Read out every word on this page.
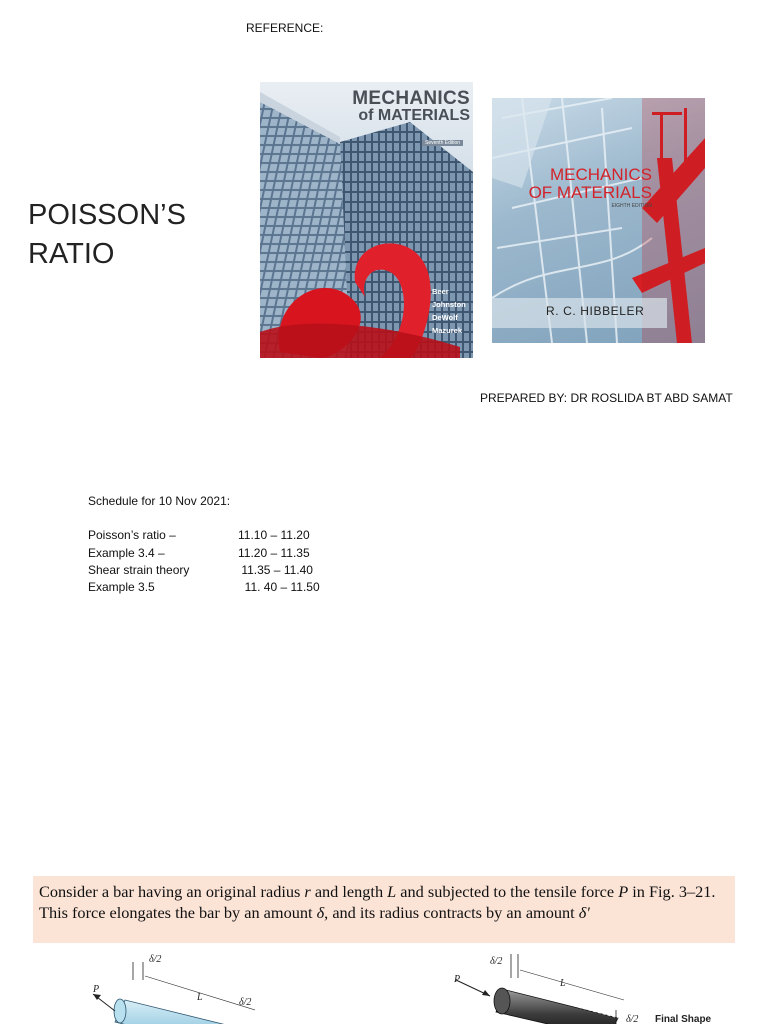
REFERENCE:
POISSON’S
RATIO
MECHANICS
of MATERIALS
Seventh Edition
Beer
Johnston
DeWolf
Mazurek
MECHANICS
OF MATERIALS
EIGHTH EDITION
R. C. HIBBELER
PREPARED BY: DR ROSLIDA BT ABD SAMAT
Schedule for 10 Nov 2021:
Poisson’s ratio –	11.10 – 11.20
Example 3.4 –	11.20 – 11.35
Shear strain theory	11.35 – 11.40
Example 3.5	11. 40 – 11.50

Consider a bar having an original radius r and length L and subjected to the tensile force P in Fig. 3–21. This force elongates the bar by an amount δ, and its radius contracts by an amount δ′

P
δ/2
L	δ/2
P
δ/2
L
δ/2 Final Shape
